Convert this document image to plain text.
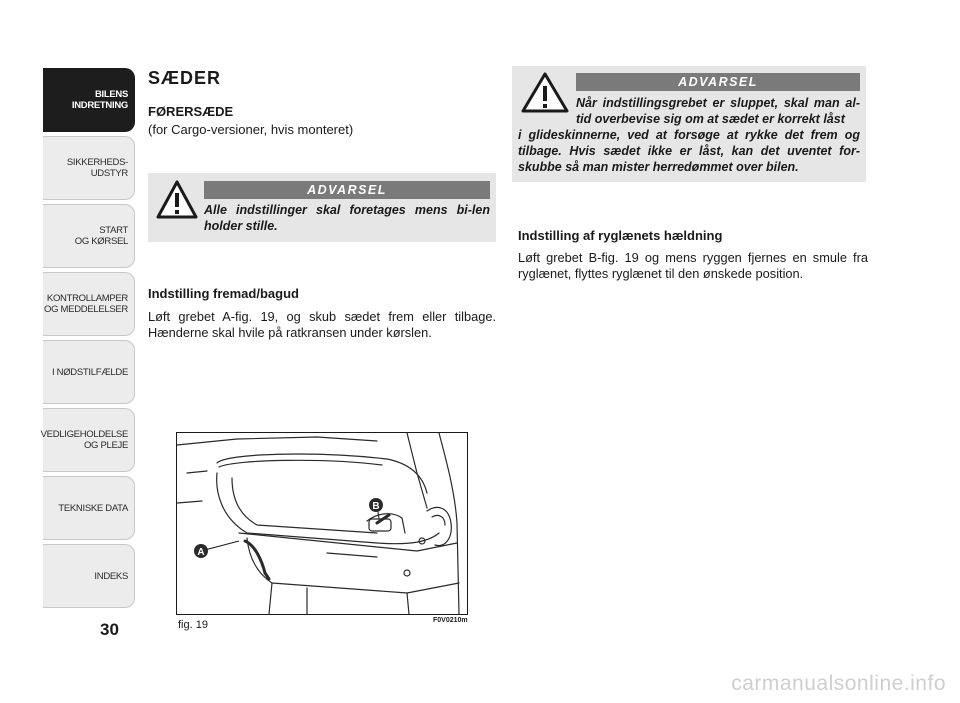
BILENS
INDRETNING
SIKKERHEDS-
UDSTYR
START
OG KØRSEL
KONTROLLAMPER
OG MEDDELELSER
I NØDSTILFÆLDE
VEDLIGEHOLDELSE
OG PLEJE
TEKNISKE DATA
INDEKS
30
SÆDER
FØRERSÆDE
(for Cargo-versioner, hvis monteret)
ADVARSEL
Alle indstillinger skal foretages mens bi-len holder stille.
Indstilling fremad/bagud
Løft grebet A-fig. 19, og skub sædet frem eller tilbage. Hænderne skal hvile på ratkransen under kørslen.
A
B
fig. 19	F0V0210m
ADVARSEL
Når indstillingsgrebet er sluppet, skal man al-tid overbevise sig om at sædet er korrekt låst
i glideskinnerne, ved at forsøge at rykke det frem og tilbage. Hvis sædet ikke er låst, kan det uventet for-skubbe så man mister herredømmet over bilen.
Indstilling af ryglænets hældning
Løft grebet B-fig. 19 og mens ryggen fjernes en smule fra ryglænet, flyttes ryglænet til den ønskede position.
carmanualsonline.info
